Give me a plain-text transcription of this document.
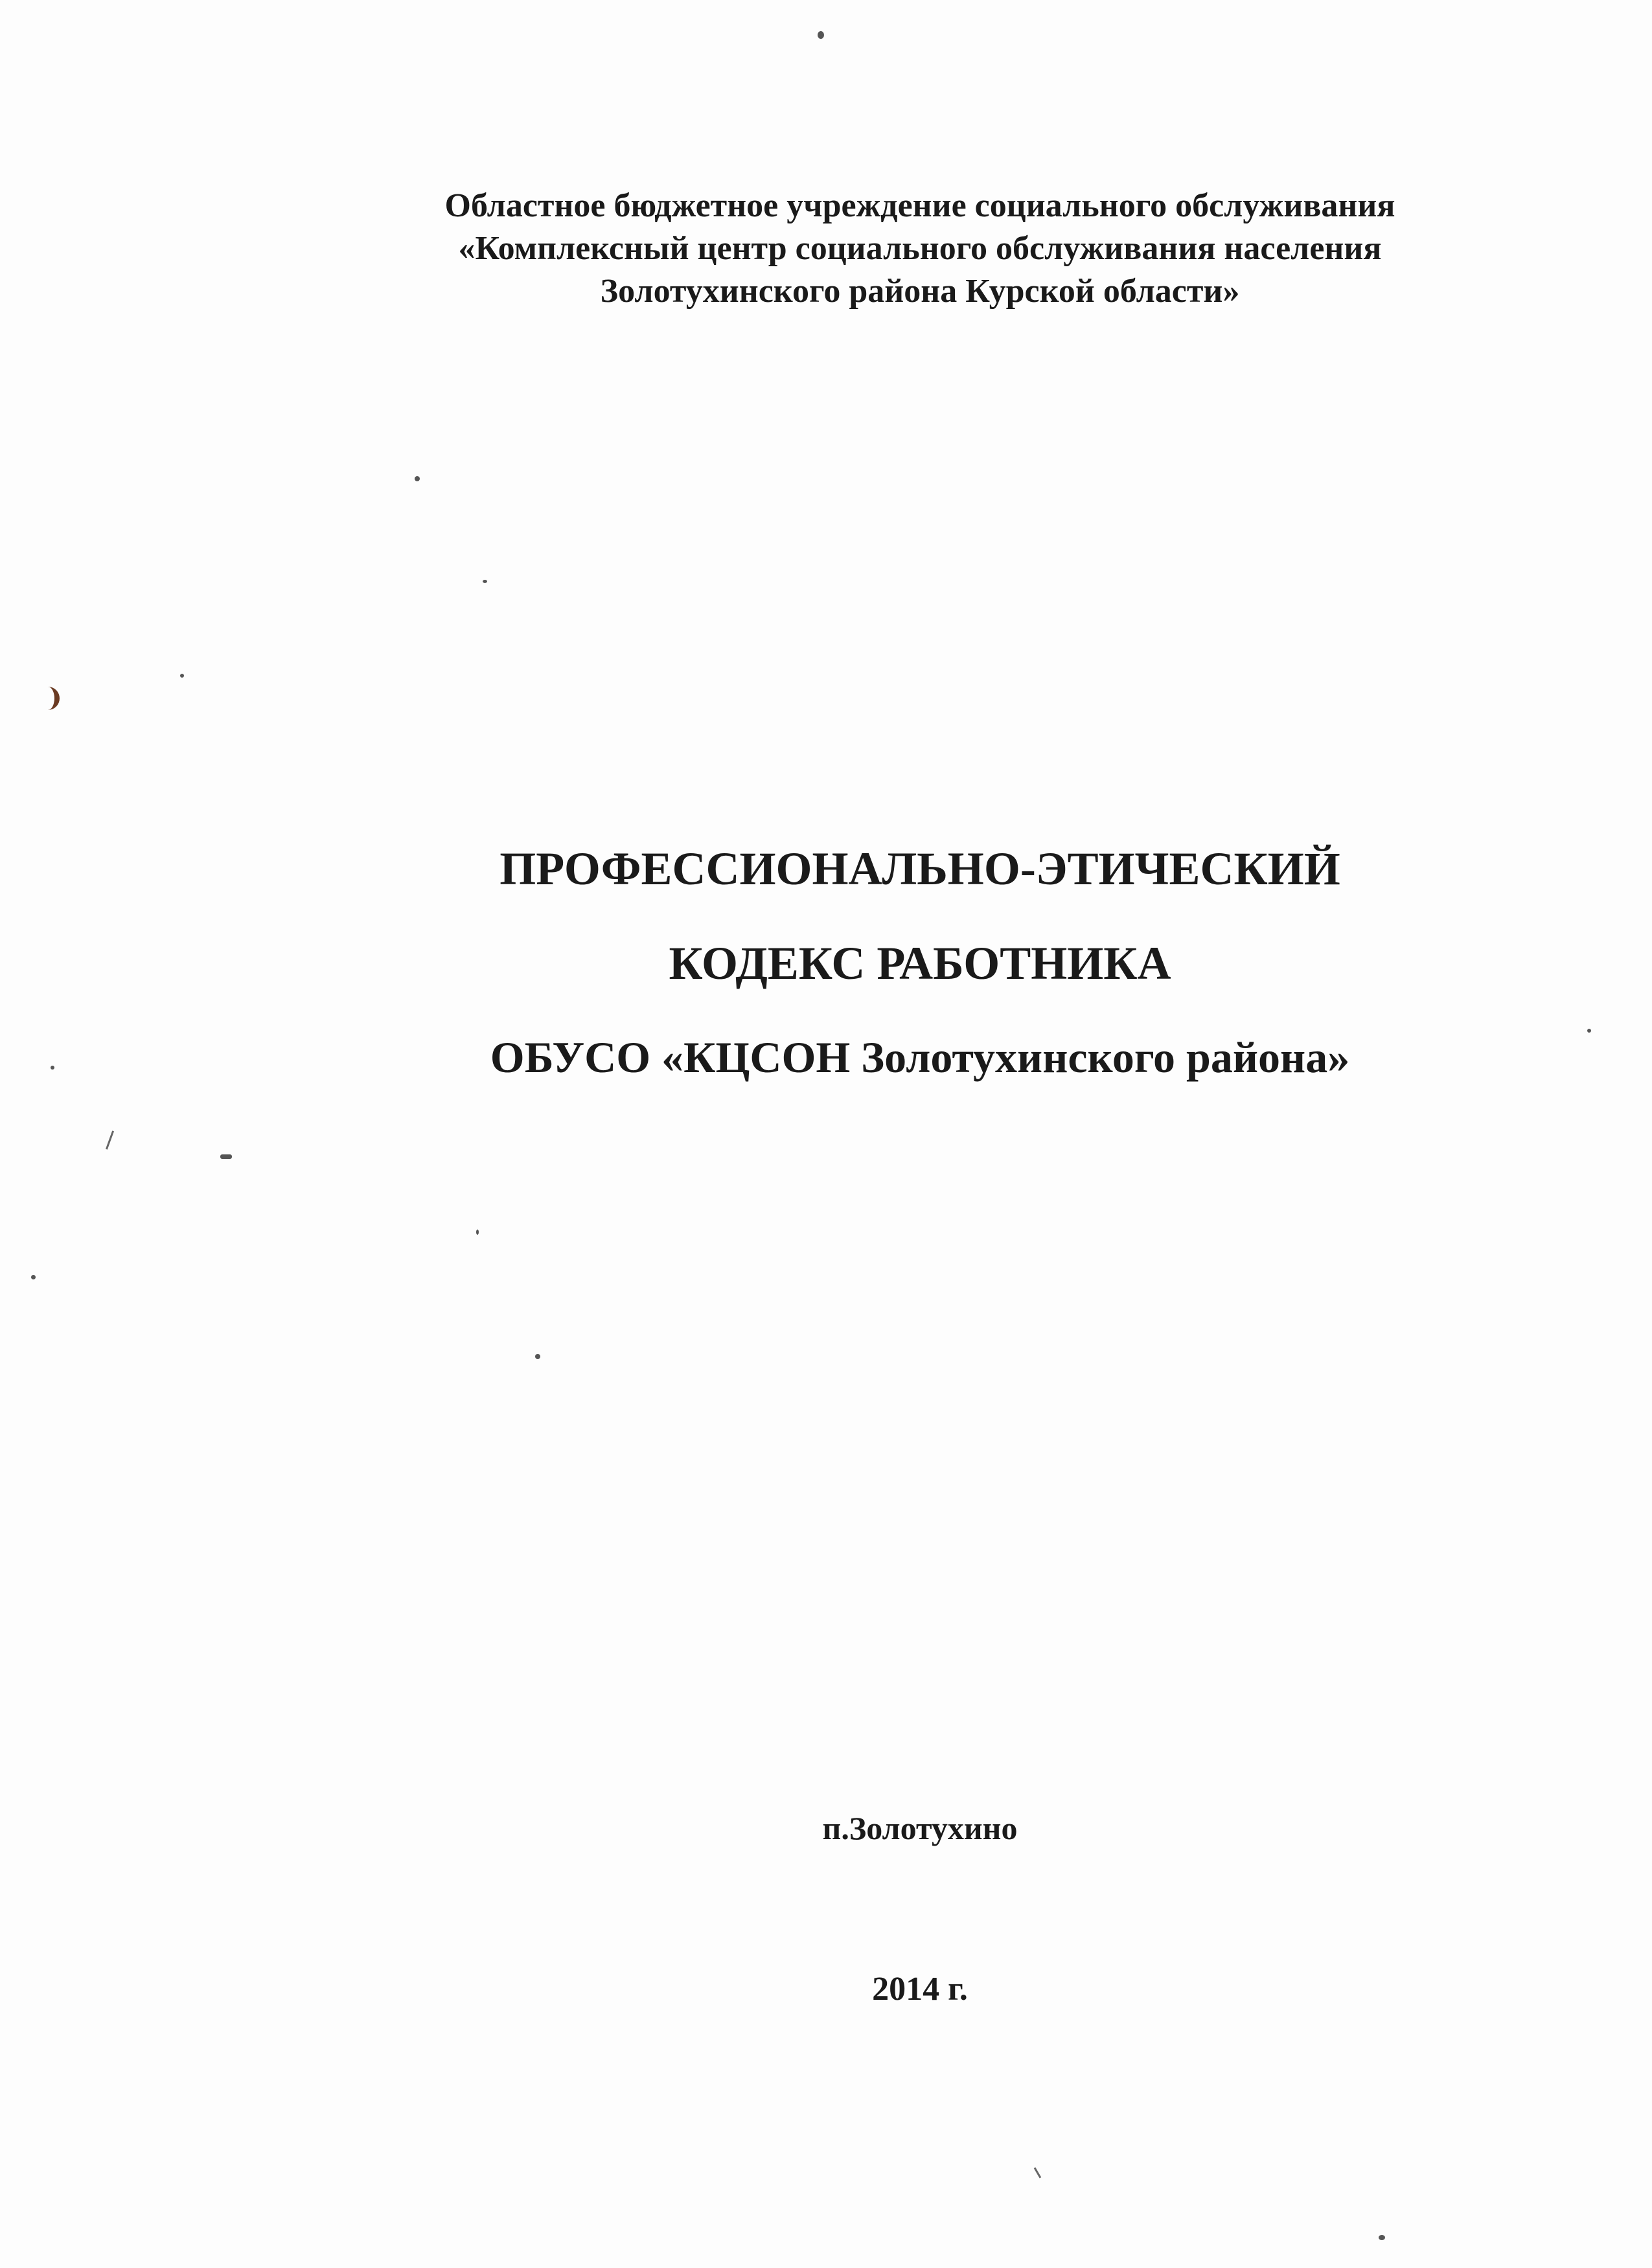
Областное бюджетное учреждение социального обслуживания
«Комплексный центр социального обслуживания населения
Золотухинского района Курской области»
ПРОФЕССИОНАЛЬНО-ЭТИЧЕСКИЙ
КОДЕКС РАБОТНИКА
ОБУСО «КЦСОН Золотухинского района»
п.Золотухино
2014 г.
